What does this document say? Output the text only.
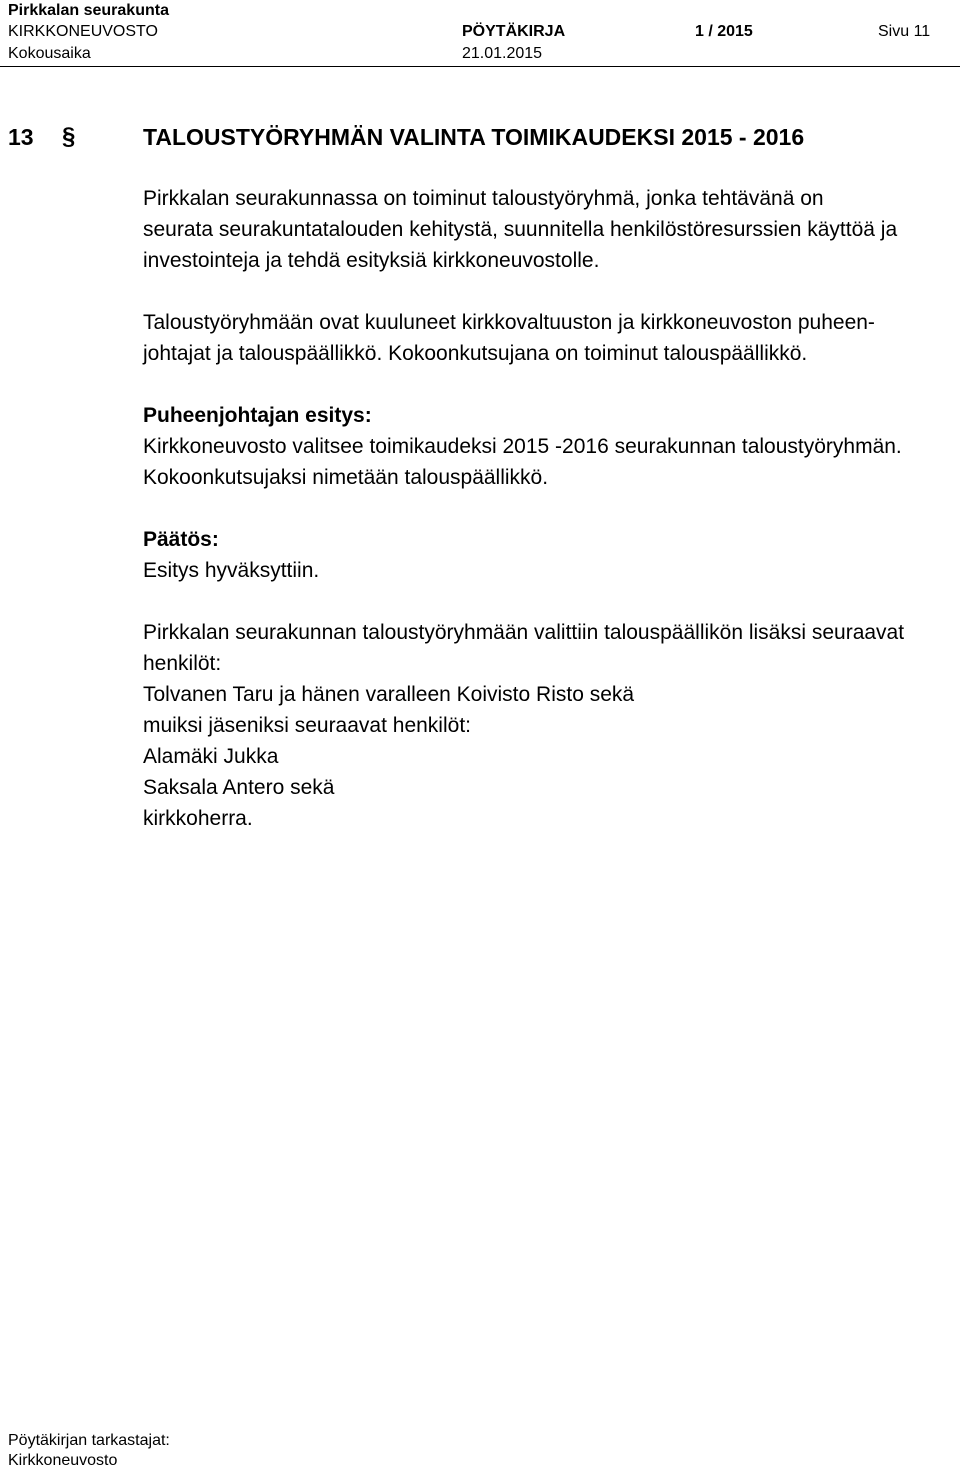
Pirkkalan seurakunta
KIRKKONEUVOSTO	PÖYTÄKIRJA	1 / 2015	Sivu 11
Kokousaika	21.01.2015
13 §	TALOUSTYÖRYHMÄN VALINTA TOIMIKAUDEKSI 2015 - 2016

Pirkkalan seurakunnassa on toiminut taloustyöryhmä, jonka tehtävänä on

seurata seurakuntatalouden kehitystä, suunnitella henkilöstöresurssien käyttöä ja

investointeja ja tehdä esityksiä kirkkoneuvostolle.

Taloustyöryhmään ovat kuuluneet kirkkovaltuuston ja kirkkoneuvoston puheen-

johtajat ja talouspäällikkö. Kokoonkutsujana on toiminut talouspäällikkö.

Puheenjohtajan esitys:

Kirkkoneuvosto valitsee toimikaudeksi 2015 -2016 seurakunnan taloustyöryhmän.

Kokoonkutsujaksi nimetään talouspäällikkö.

Päätös:

Esitys hyväksyttiin.

Pirkkalan seurakunnan taloustyöryhmään valittiin talouspäällikön lisäksi seuraavat

henkilöt:

Tolvanen Taru ja hänen varalleen Koivisto Risto sekä

muiksi jäseniksi seuraavat henkilöt:

Alamäki Jukka

Saksala Antero sekä

kirkkoherra.

Pöytäkirjan tarkastajat:
Kirkkoneuvosto
